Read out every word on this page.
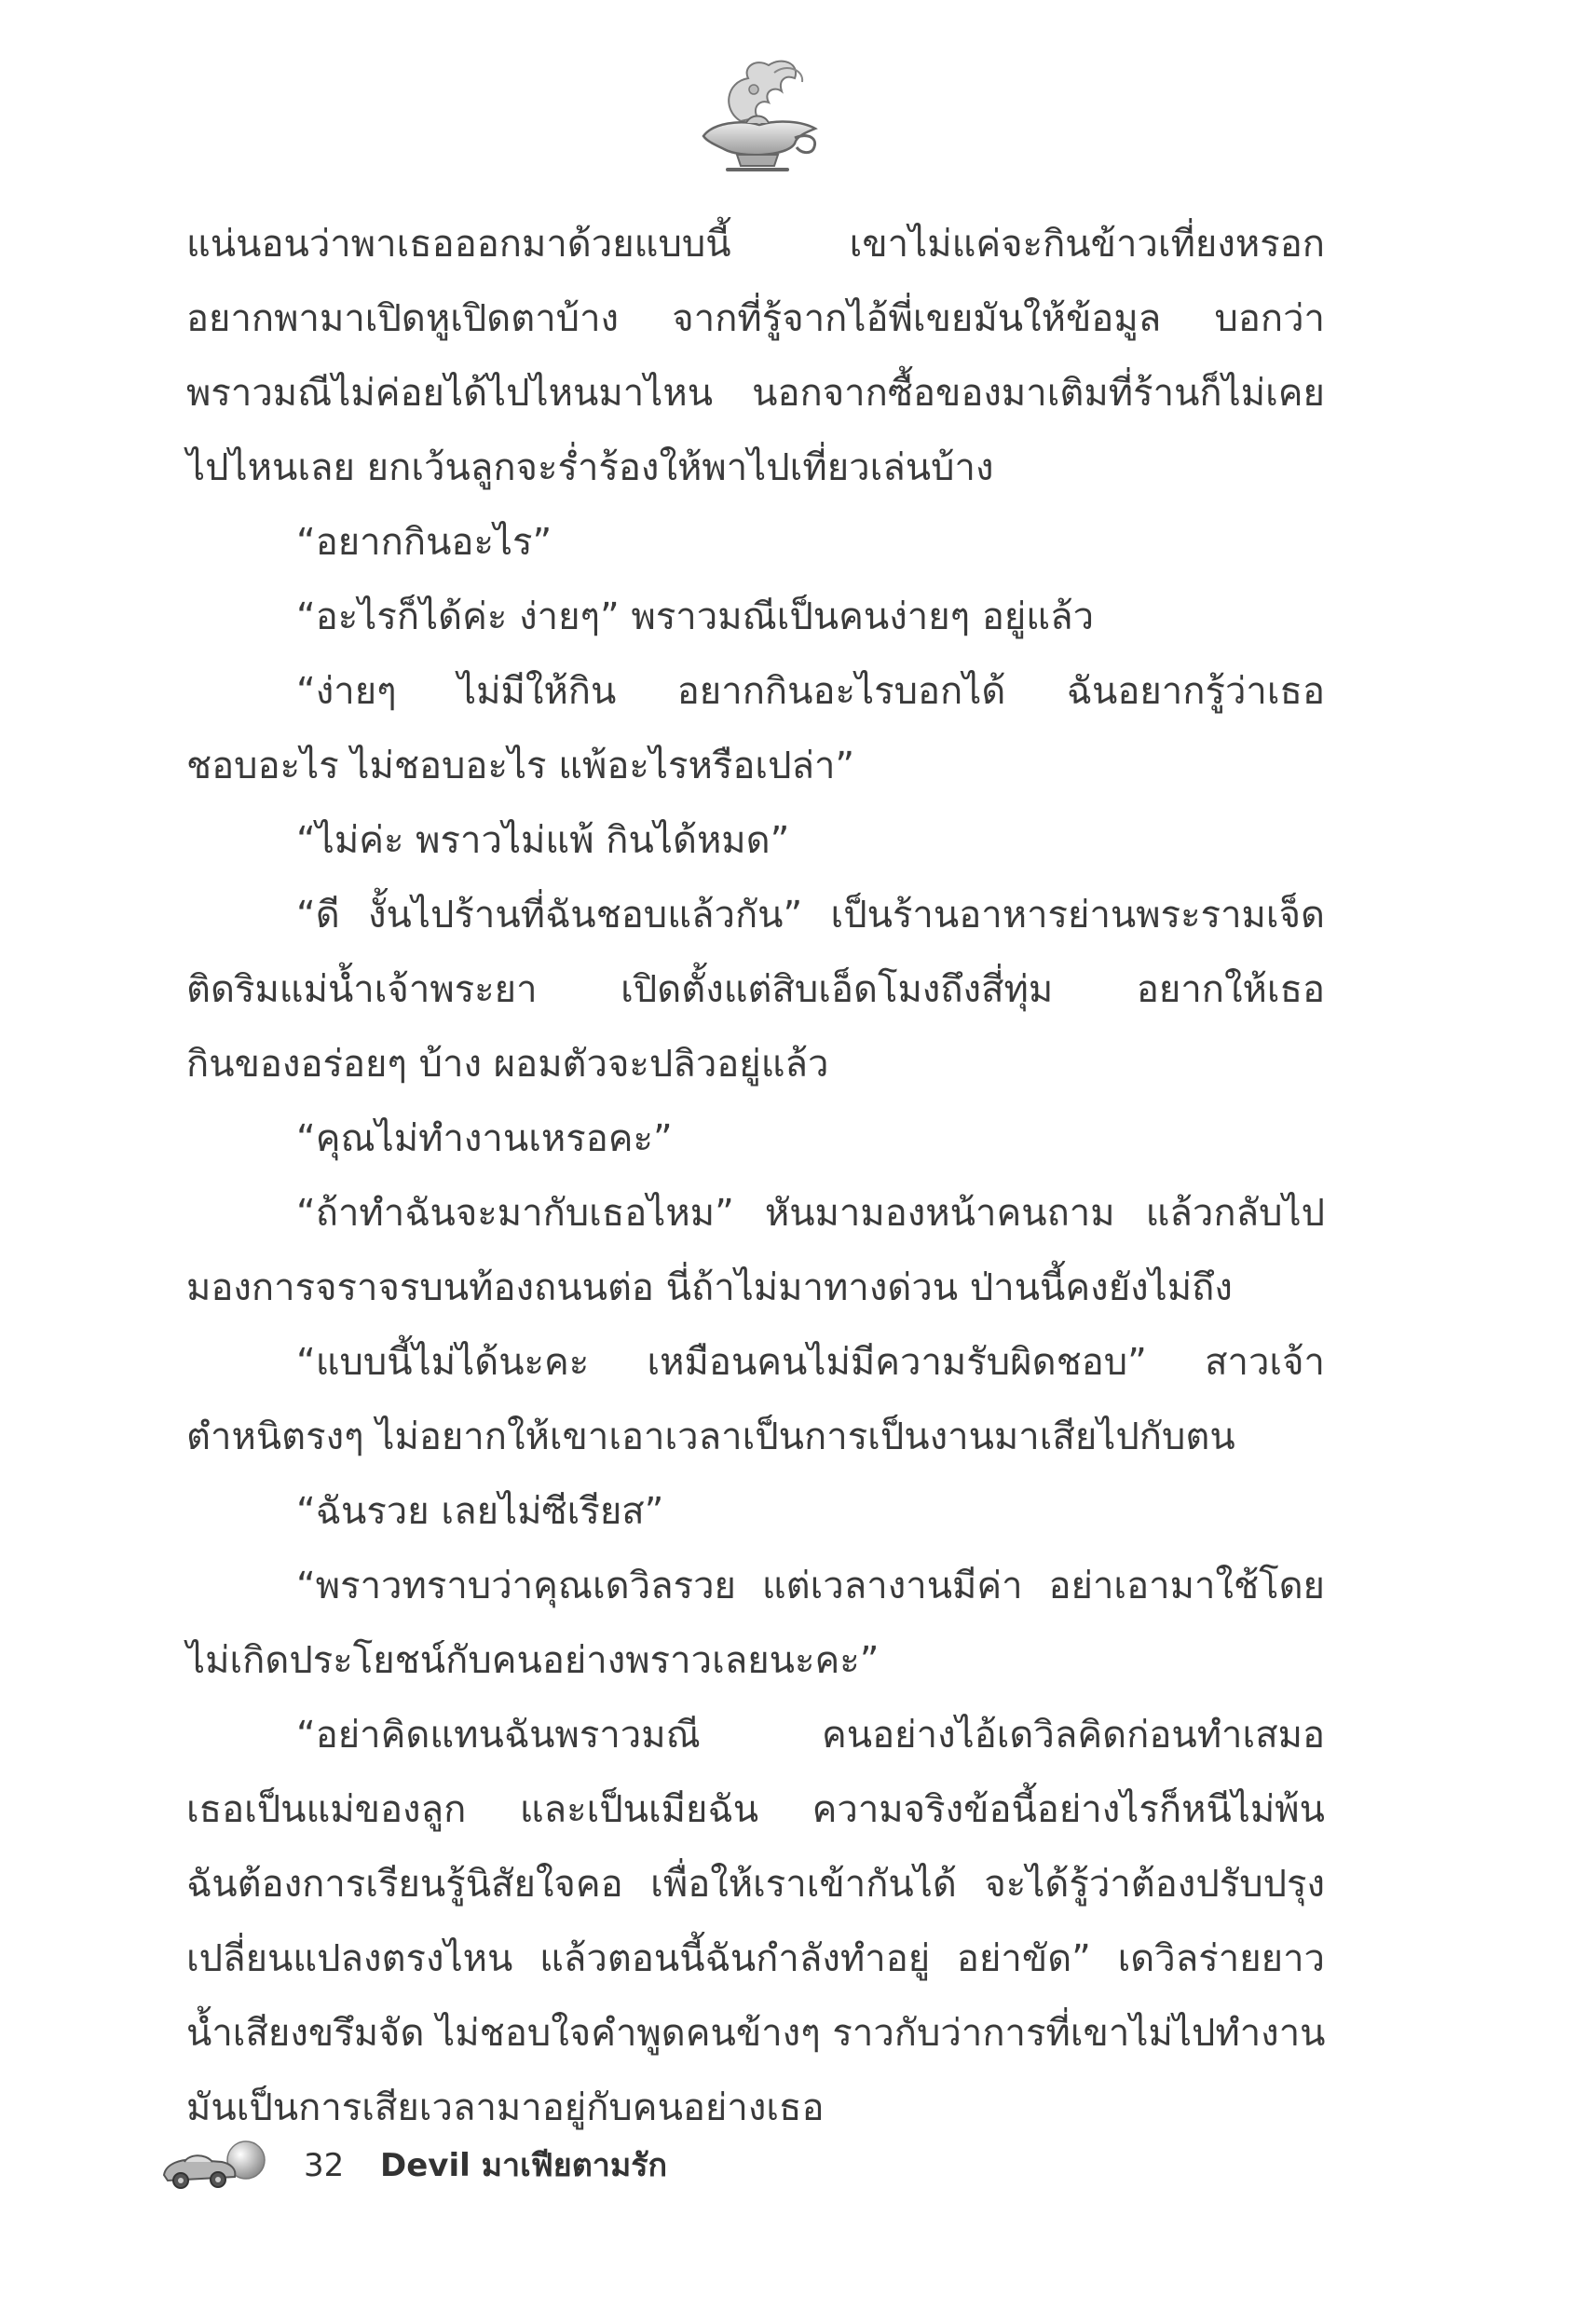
แน่นอนว่าพาเธอออกมาด้วยแบบนี้ เขาไม่แค่จะกินข้าวเที่ยงหรอก
อยากพามาเปิดหูเปิดตาบ้าง จากที่รู้จากไอ้พี่เขยมันให้ข้อมูล บอกว่า
พราวมณีไม่ค่อยได้ไปไหนมาไหน นอกจากซื้อของมาเติมที่ร้านก็ไม่เคย
ไปไหนเลย ยกเว้นลูกจะร่ำร้องให้พาไปเที่ยวเล่นบ้าง
“อยากกินอะไร”
“อะไรก็ได้ค่ะ ง่ายๆ” พราวมณีเป็นคนง่ายๆ อยู่แล้ว
“ง่ายๆ ไม่มีให้กิน อยากกินอะไรบอกได้ ฉันอยากรู้ว่าเธอ
ชอบอะไร ไม่ชอบอะไร แพ้อะไรหรือเปล่า”
“ไม่ค่ะ พราวไม่แพ้ กินได้หมด”
“ดี งั้นไปร้านที่ฉันชอบแล้วกัน” เป็นร้านอาหารย่านพระรามเจ็ด
ติดริมแม่น้ำเจ้าพระยา เปิดตั้งแต่สิบเอ็ดโมงถึงสี่ทุ่ม อยากให้เธอ
กินของอร่อยๆ บ้าง ผอมตัวจะปลิวอยู่แล้ว
“คุณไม่ทำงานเหรอคะ”
“ถ้าทำฉันจะมากับเธอไหม” หันมามองหน้าคนถาม แล้วกลับไป
มองการจราจรบนท้องถนนต่อ นี่ถ้าไม่มาทางด่วน ป่านนี้คงยังไม่ถึง
“แบบนี้ไม่ได้นะคะ เหมือนคนไม่มีความรับผิดชอบ” สาวเจ้า
ตำหนิตรงๆ ไม่อยากให้เขาเอาเวลาเป็นการเป็นงานมาเสียไปกับตน
“ฉันรวย เลยไม่ซีเรียส”
“พราวทราบว่าคุณเดวิลรวย แต่เวลางานมีค่า อย่าเอามาใช้โดย
ไม่เกิดประโยชน์กับคนอย่างพราวเลยนะคะ”
“อย่าคิดแทนฉันพราวมณี คนอย่างไอ้เดวิลคิดก่อนทำเสมอ
เธอเป็นแม่ของลูก และเป็นเมียฉัน ความจริงข้อนี้อย่างไรก็หนีไม่พ้น
ฉันต้องการเรียนรู้นิสัยใจคอ เพื่อให้เราเข้ากันได้ จะได้รู้ว่าต้องปรับปรุง
เปลี่ยนแปลงตรงไหน แล้วตอนนี้ฉันกำลังทำอยู่ อย่าขัด” เดวิลร่ายยาว
น้ำเสียงขรึมจัด ไม่ชอบใจคำพูดคนข้างๆ ราวกับว่าการที่เขาไม่ไปทำงาน
มันเป็นการเสียเวลามาอยู่กับคนอย่างเธอ
32 Devil มาเฟียตามรัก
